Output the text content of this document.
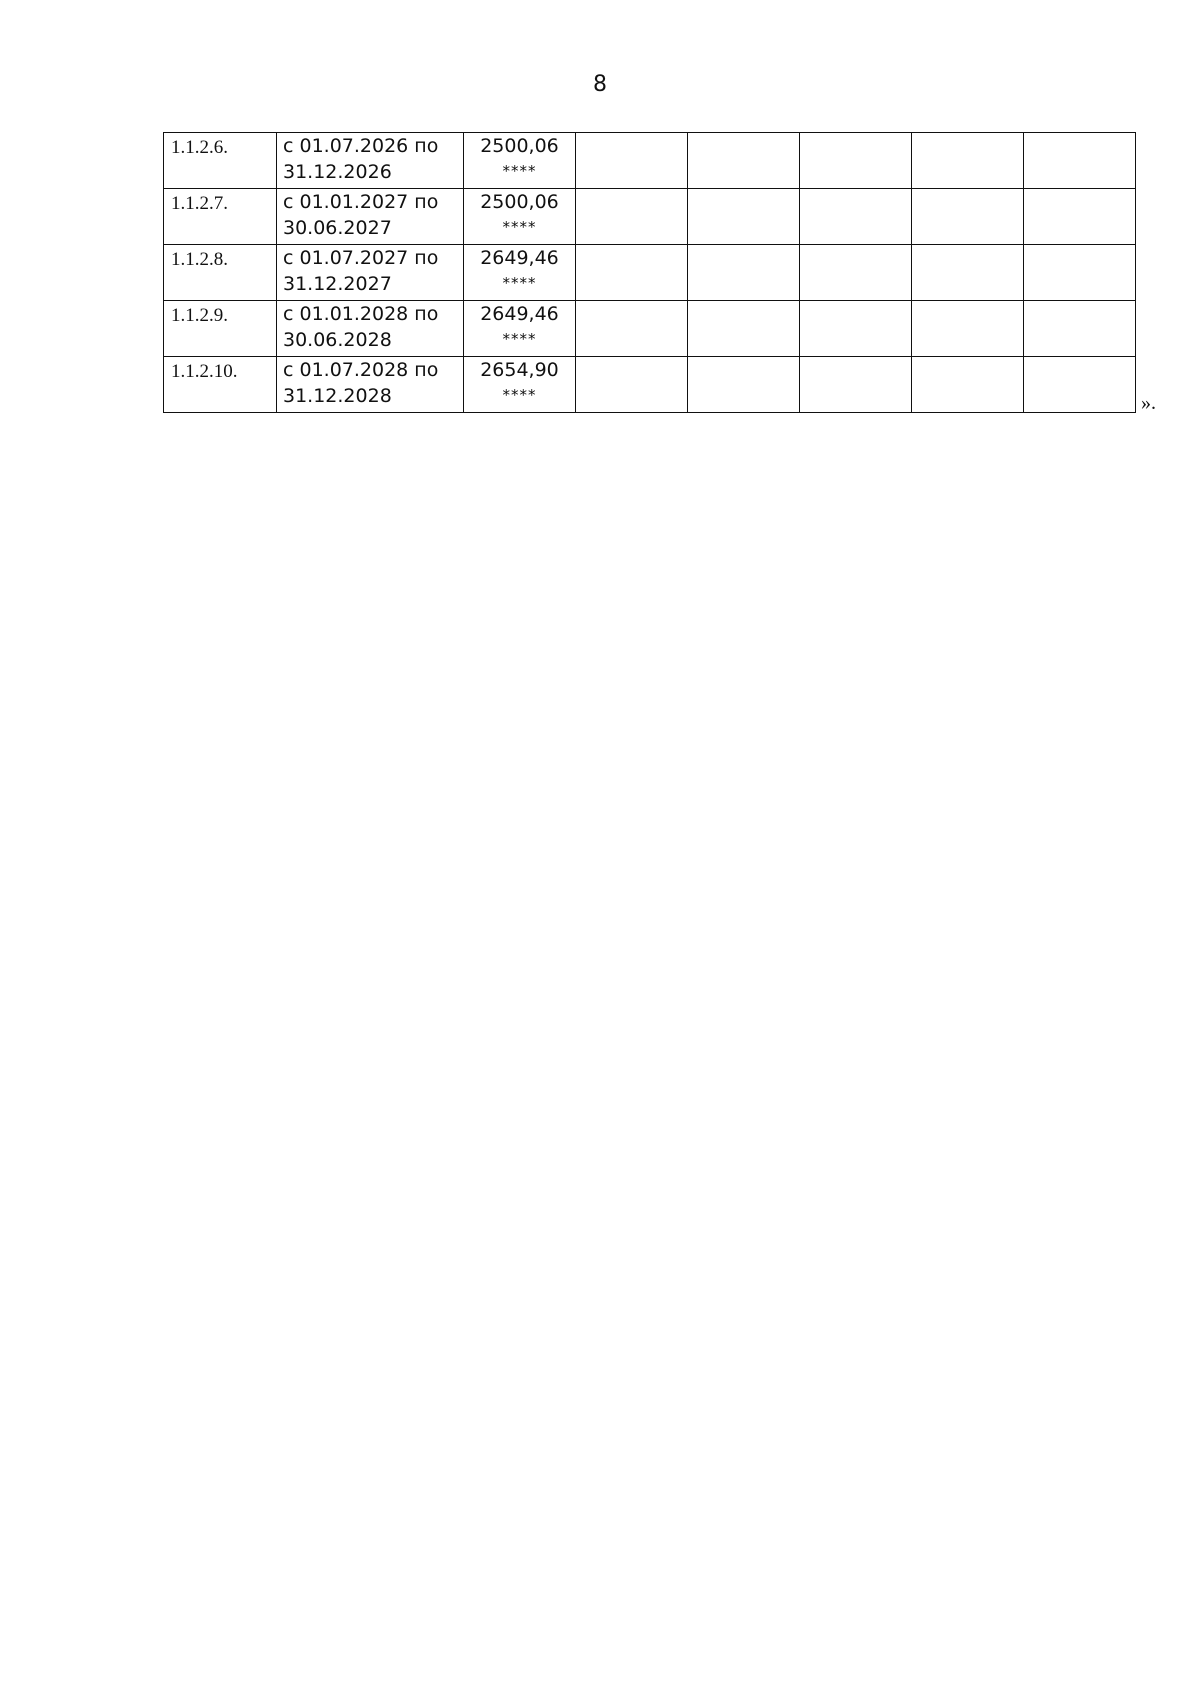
8
1.1.2.6.	с 01.07.2026 по
31.12.2026	2500,06
****					

1.1.2.7.	с 01.01.2027 по
30.06.2027	2500,06
****					

1.1.2.8.	с 01.07.2027 по
31.12.2027	2649,46
****					

1.1.2.9.	с 01.01.2028 по
30.06.2028	2649,46
****					

1.1.2.10.	с 01.07.2028 по
31.12.2028	2654,90
****					
						».
